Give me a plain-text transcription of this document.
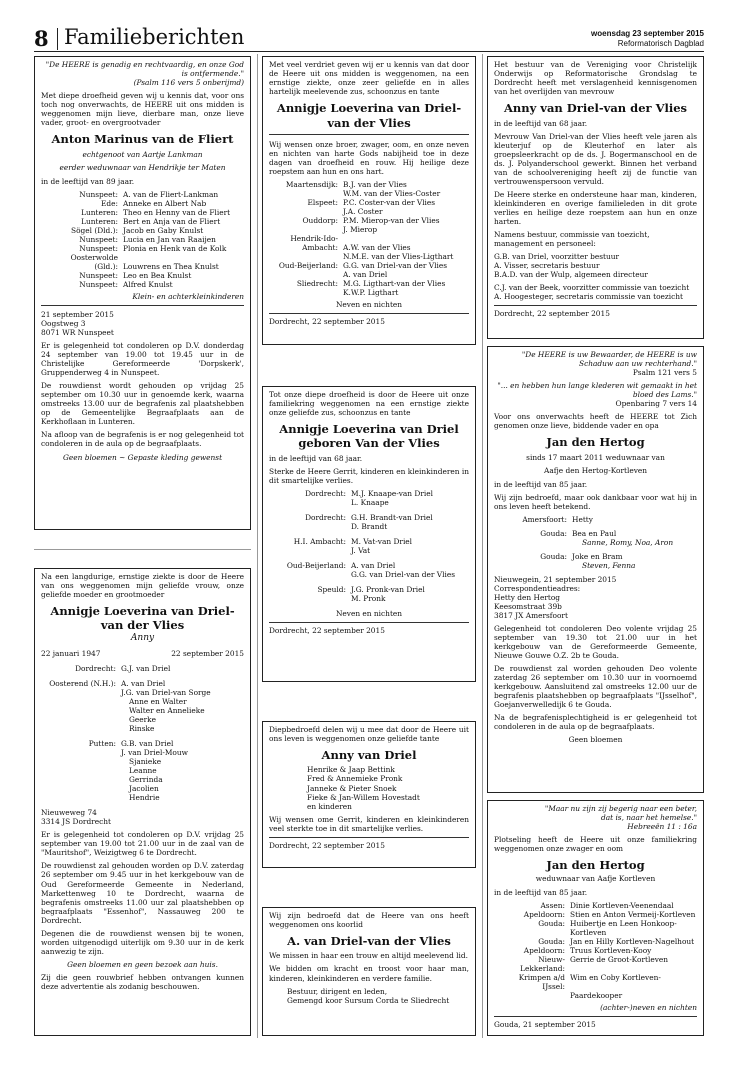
8 Familieberichten	woensdag 23 september 2015
Reformatorisch Dagblad

"De HEERE is genadig en rechtvaardig, en onze God is ontfermende."

(Psalm 116 vers 5 onberijmd)

Met diepe droefheid geven wij u kennis dat, voor ons toch nog onverwachts, de HEERE uit ons midden is weggenomen mijn lieve, dierbare man, onze lieve vader, groot- en overgrootvader

Anton Marinus van de Fliert

echtgenoot van Aartje Lankman

eerder weduwnaar van Hendrikje ter Maten

in de leeftijd van 89 jaar.

Nunspeet:	A. van de Fliert-Lankman
Ede:	Anneke en Albert Nab
Lunteren:	Theo en Henny van de Fliert
Lunteren:	Bert en Anja van de Fliert
Sögel (Dld.):	Jacob en Gaby Knulst
Nunspeet:	Lucia en Jan van Raaijen
Nunspeet:	Plonia en Henk van de Kolk
Oosterwolde	
(Gld.):	Louwrens en Thea Knulst
Nunspeet:	Leo en Bea Knulst
Nunspeet:	Alfred Knulst

Klein- en achterkleinkinderen

21 september 2015
Oogstweg 3
8071 WR Nunspeet

Er is gelegenheid tot condoleren op D.V. donderdag 24 september van 19.00 tot 19.45 uur in de Christelijke Gereformeerde 'Dorpskerk', Gruppenderweg 4 in Nunspeet.

De rouwdienst wordt gehouden op vrijdag 25 september om 10.30 uur in genoemde kerk, waarna omstreeks 13.00 uur de begrafenis zal plaatshebben op de Gemeentelijke Begraafplaats aan de Kerkhoflaan in Lunteren.

Na afloop van de begrafenis is er nog gelegenheid tot condoleren in de aula op de begraafplaats.

Geen bloemen ~ Gepaste kleding gewenst

Na een langdurige, ernstige ziekte is door de Heere van ons weggenomen mijn geliefde vrouw, onze geliefde moeder en grootmoeder

Annigje Loeverina van Driel-van der Vlies

Anny

22 januari 1947	22 september 2015
Dordrecht:	G.J. van Driel
Oosterend (N.H.):	A. van Driel
	J.G. van Driel-van Sorge
	Anne en Walter
	Walter en Annelieke
	Geerke
	Rinske
Putten:	G.B. van Driel
	J. van Driel-Mouw
	Sjanieke
	Leanne
	Gerrinda
	Jacolien
	Hendrie

Nieuweweg 74
3314 JS Dordrecht

Er is gelegenheid tot condoleren op D.V. vrijdag 25 september van 19.00 tot 21.00 uur in de zaal van de "Mauritshof", Weizigtweg 6 te Dordrecht.

De rouwdienst zal gehouden worden op D.V. zaterdag 26 september om 9.45 uur in het kerkgebouw van de Oud Gereformeerde Gemeente in Nederland, Markettenweg 10 te Dordrecht, waarna de begrafenis omstreeks 11.00 uur zal plaatshebben op begraafplaats "Essenhof", Nassauweg 200 te Dordrecht.

Degenen die de rouwdienst wensen bij te wonen, worden uitgenodigd uiterlijk om 9.30 uur in de kerk aanwezig te zijn.

Geen bloemen en geen bezoek aan huis.

Zij die geen rouwbrief hebben ontvangen kunnen deze advertentie als zodanig beschouwen.

Met veel verdriet geven wij er u kennis van dat door de Heere uit ons midden is weggenomen, na een ernstige ziekte, onze zeer geliefde en in alles hartelijk meelevende zus, schoonzus en tante

Annigje Loeverina van Driel-van der Vlies

Wij wensen onze broer, zwager, oom, en onze neven en nichten van harte Gods nabijheid toe in deze dagen van droefheid en rouw. Hij heilige deze roepstem aan hun en ons hart.

Maartensdijk:	B.J. van der Vlies
	W.M. van der Vlies-Coster
Elspeet:	P.C. Coster-van der Vlies
	J.A. Coster
Ouddorp:	P.M. Mierop-van der Vlies
	J. Mierop
Hendrik-Ido-	
Ambacht:	A.W. van der Vlies
	N.M.E. van der Vlies-Ligthart
Oud-Beijerland:	G.G. van Driel-van der Vlies
	A. van Driel
Sliedrecht:	M.G. Ligthart-van der Vlies
	K.W.P. Ligthart

Neven en nichten

Dordrecht, 22 september 2015

Tot onze diepe droefheid is door de Heere uit onze familiekring weggenomen na een ernstige ziekte onze geliefde zus, schoonzus en tante

Annigje Loeverina van Driel geboren Van der Vlies

in de leeftijd van 68 jaar.

Sterke de Heere Gerrit, kinderen en kleinkinderen in dit smartelijke verlies.

Dordrecht:	M.J. Knaape-van Driel
	L. Knaape
Dordrecht:	G.H. Brandt-van Driel
	D. Brandt
H.I. Ambacht:	M. Vat-van Driel
	J. Vat
Oud-Beijerland:	A. van Driel
	G.G. van Driel-van der Vlies
Speuld:	J.G. Pronk-van Driel
	M. Pronk

Neven en nichten

Dordrecht, 22 september 2015

Diepbedroefd delen wij u mee dat door de Heere uit ons leven is weggenomen onze geliefde tante

Anny van Driel
Henrike & Jaap Bettink
Fred & Annemieke Pronk
Janneke & Pieter Snoek
Fieke & Jan-Willem Hovestadt
en kinderen

Wij wensen ome Gerrit, kinderen en kleinkinderen veel sterkte toe in dit smartelijke verlies.

Dordrecht, 22 september 2015

Wij zijn bedroefd dat de Heere van ons heeft weggenomen ons koorlid

A. van Driel-van der Vlies

We missen in haar een trouw en altijd meelevend lid.

We bidden om kracht en troost voor haar man, kinderen, kleinkinderen en verdere familie.

Bestuur, dirigent en leden,
Gemengd koor Sursum Corda te Sliedrecht

Het bestuur van de Vereniging voor Christelijk Onderwijs op Reformatorische Grondslag te Dordrecht heeft met verslagenheid kennisgenomen van het overlijden van mevrouw

Anny van Driel-van der Vlies

in de leeftijd van 68 jaar.

Mevrouw Van Driel-van der Vlies heeft vele jaren als kleuterjuf op de Kleuterhof en later als groepsleerkracht op de ds. J. Bogermanschool en de ds. J. Polyanderschool gewerkt. Binnen het verband van de schoolvereniging heeft zij de functie van vertrouwenspersoon vervuld.

De Heere sterke en ondersteune haar man, kinderen, kleinkinderen en overige familieleden in dit grote verlies en heilige deze roepstem aan hun en onze harten.

Namens bestuur, commissie van toezicht, management en personeel:

G.B. van Driel, voorzitter bestuur
A. Visser, secretaris bestuur
B.A.D. van der Wulp, algemeen directeur

C.J. van der Beek, voorzitter commissie van toezicht
A. Hoogesteger, secretaris commissie van toezicht

Dordrecht, 22 september 2015

"De HEERE is uw Bewaarder, de HEERE is uw Schaduw aan uw rechterhand."

Psalm 121 vers 5

"... en hebben hun lange klederen wit gemaakt in het bloed des Lams."

Openbaring 7 vers 14

Voor ons onverwachts heeft de HEERE tot Zich genomen onze lieve, biddende vader en opa

Jan den Hertog

sinds 17 maart 2011 weduwnaar van

Aafje den Hertog-Kortleven

in de leeftijd van 85 jaar.

Wij zijn bedroefd, maar ook dankbaar voor wat hij in ons leven heeft betekend.

Amersfoort:	Hetty
Gouda:	Bea en Paul
	Sanne, Romy, Noa, Aron
Gouda:	Joke en Bram
	Steven, Fenna

Nieuwegein, 21 september 2015
Correspondentieadres:
Hetty den Hertog
Keesomstraat 39b
3817 JX Amersfoort

Gelegenheid tot condoleren Deo volente vrijdag 25 september van 19.30 tot 21.00 uur in het kerkgebouw van de Gereformeerde Gemeente, Nieuwe Gouwe O.Z. 2b te Gouda.

De rouwdienst zal worden gehouden Deo volente zaterdag 26 september om 10.30 uur in voornoemd kerkgebouw. Aansluitend zal omstreeks 12.00 uur de begrafenis plaatshebben op begraafplaats "IJsselhof", Goejanverwelledijk 6 te Gouda.

Na de begrafenisplechtigheid is er gelegenheid tot condoleren in de aula op de begraafplaats.

Geen bloemen

"Maar nu zijn zij begerig naar een beter, dat is, naar het hemelse."

Hebreeën 11 : 16a

Plotseling heeft de Heere uit onze familiekring weggenomen onze zwager en oom

Jan den Hertog

weduwnaar van Aafje Kortleven

in de leeftijd van 85 jaar.

Assen:	Dinie Kortleven-Veenendaal
Apeldoorn:	Stien en Anton Vermeij-Kortleven
Gouda:	Huibertje en Leen Honkoop-
	Kortleven
Gouda:	Jan en Hilly Kortleven-Nagelhout
Apeldoorn:	Truus Kortleven-Kooy
Nieuw-Lekkerland:	Gerrie de Groot-Kortleven
Krimpen a/d IJssel:	Wim en Coby Kortleven-
	Paardekooper

(achter-)neven en nichten

Gouda, 21 september 2015
